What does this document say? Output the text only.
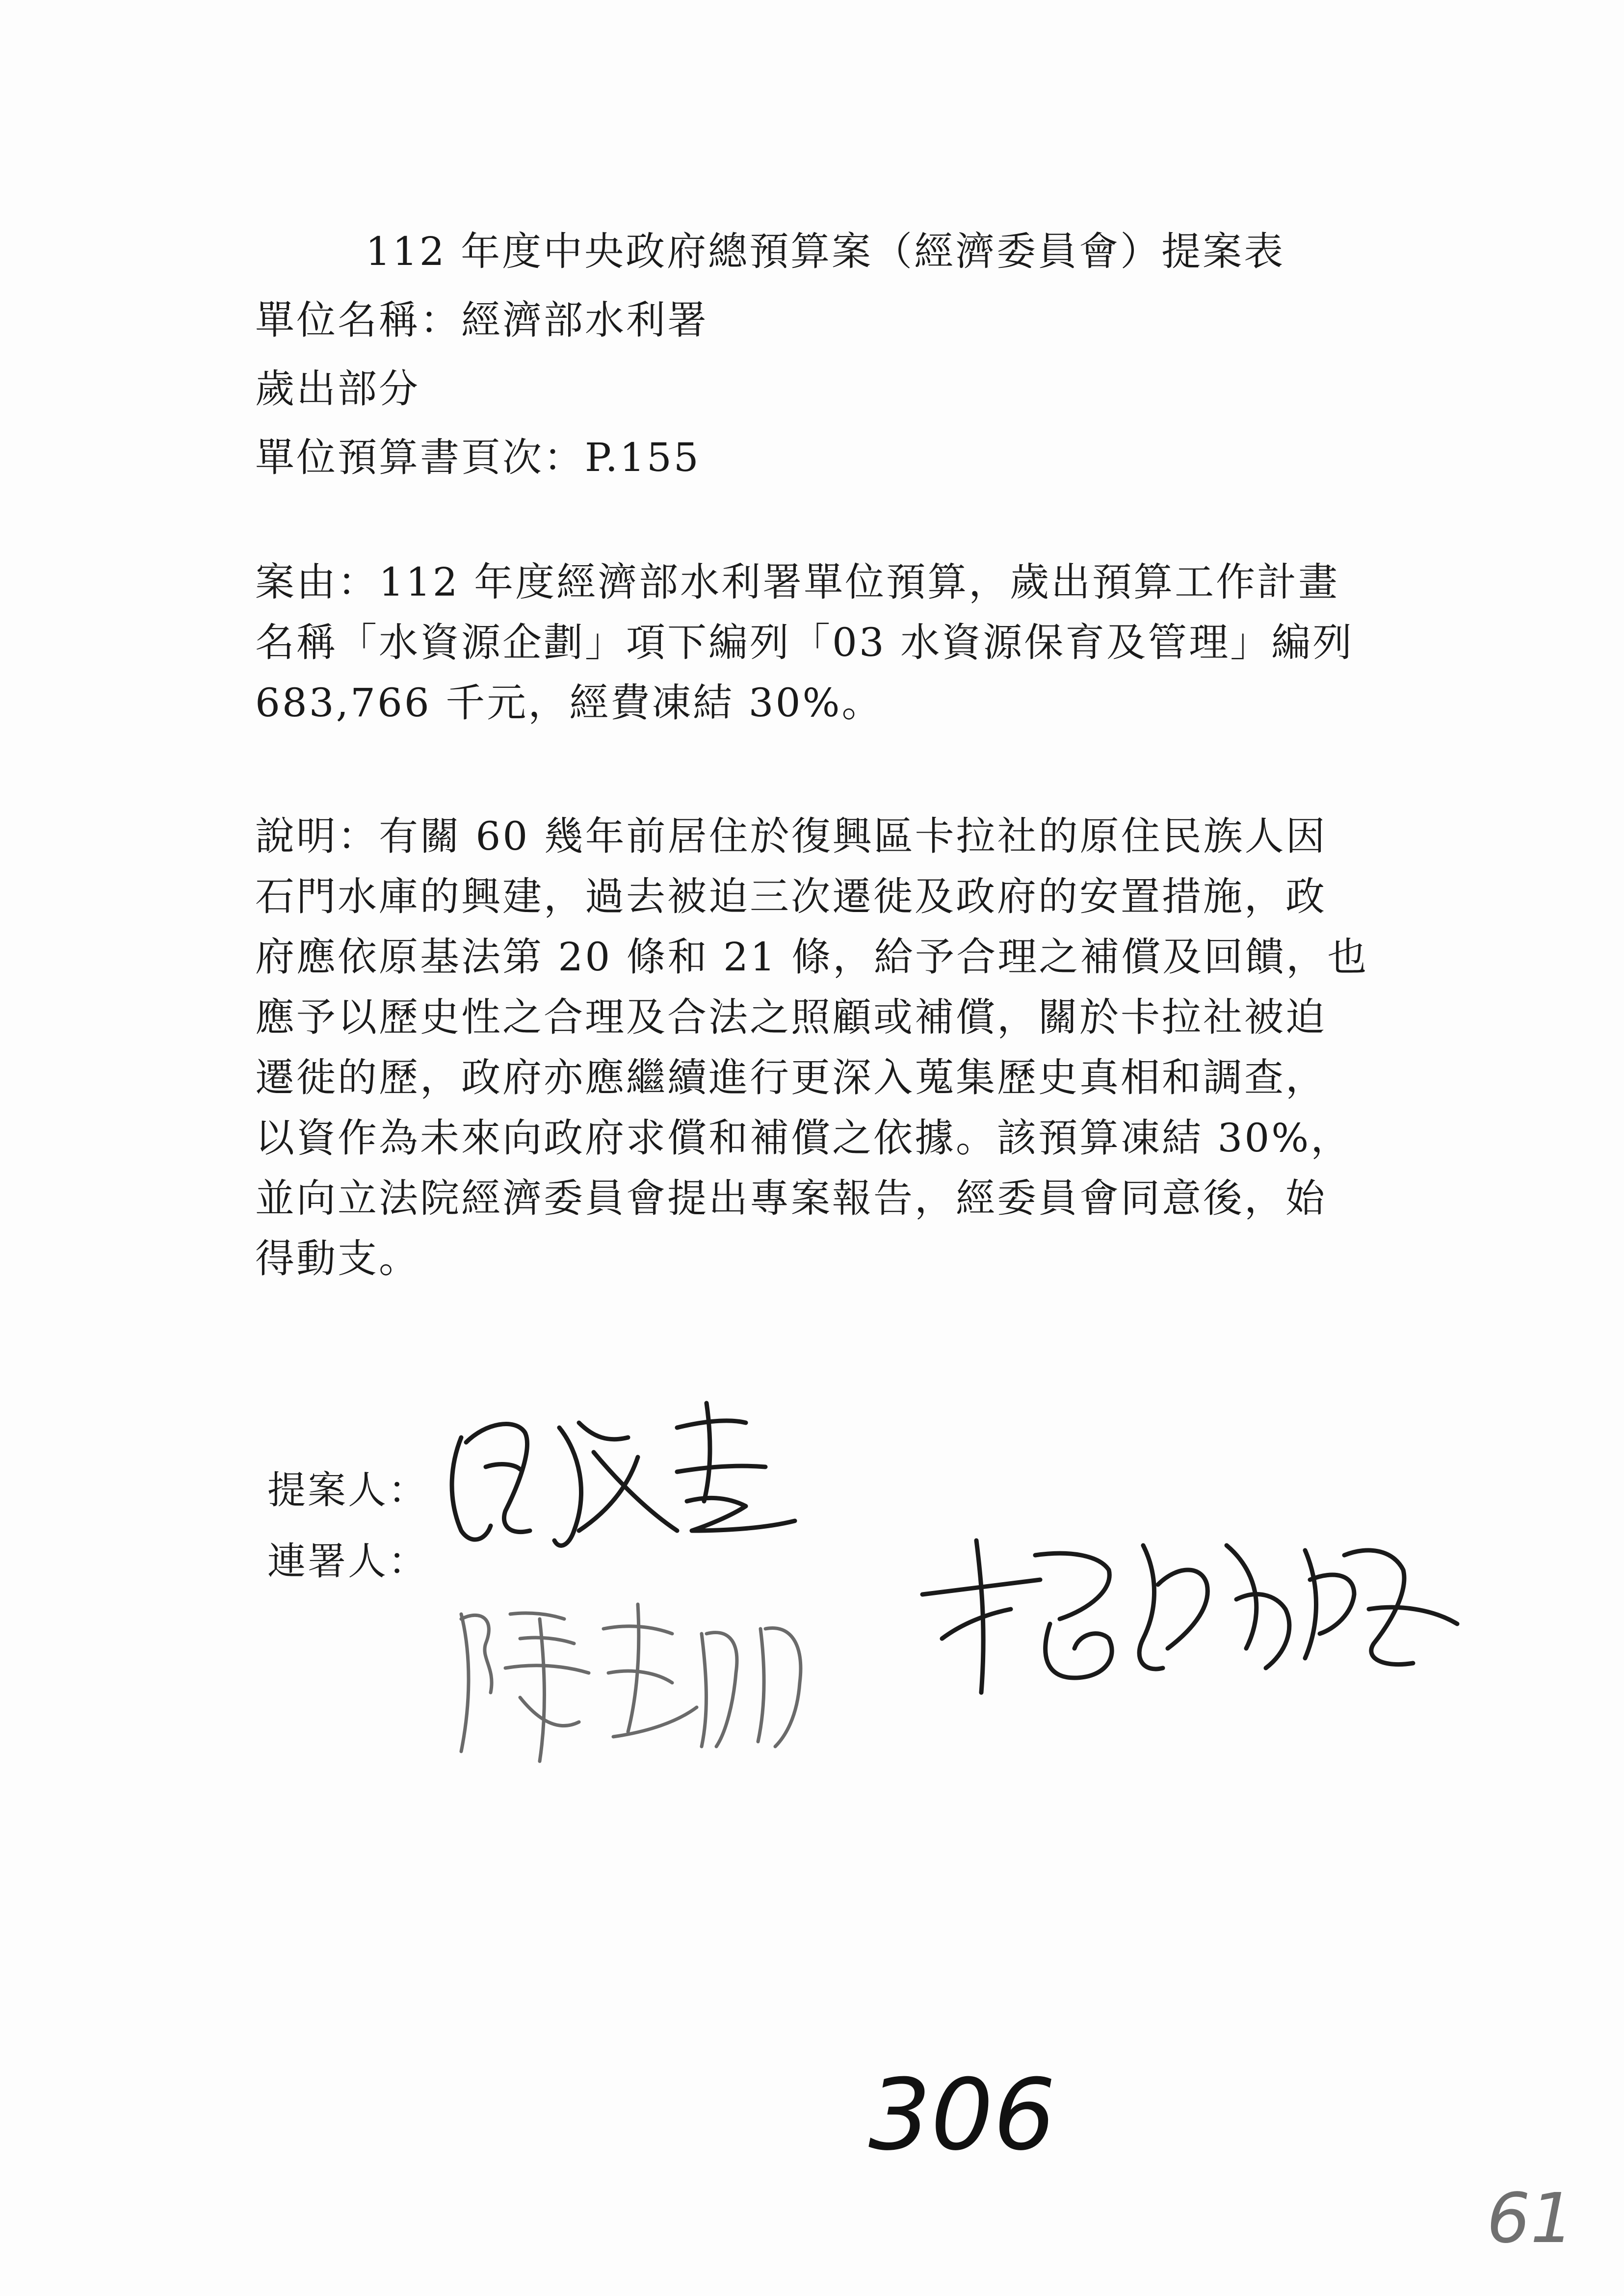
112 年度中央政府總預算案（經濟委員會）提案表
單位名稱：經濟部水利署
歲出部分
單位預算書頁次：P.155
案由：112 年度經濟部水利署單位預算，歲出預算工作計畫
名稱「水資源企劃」項下編列「03 水資源保育及管理」編列
683,766 千元，經費凍結 30%。
說明：有關 60 幾年前居住於復興區卡拉社的原住民族人因
石門水庫的興建，過去被迫三次遷徙及政府的安置措施，政
府應依原基法第 20 條和 21 條，給予合理之補償及回饋，也
應予以歷史性之合理及合法之照顧或補償，關於卡拉社被迫
遷徙的歷，政府亦應繼續進行更深入蒐集歷史真相和調查，
以資作為未來向政府求償和補償之依據。該預算凍結 30%，
並向立法院經濟委員會提出專案報告，經委員會同意後，始
得動支。
提案人：
連署人：
306
61
